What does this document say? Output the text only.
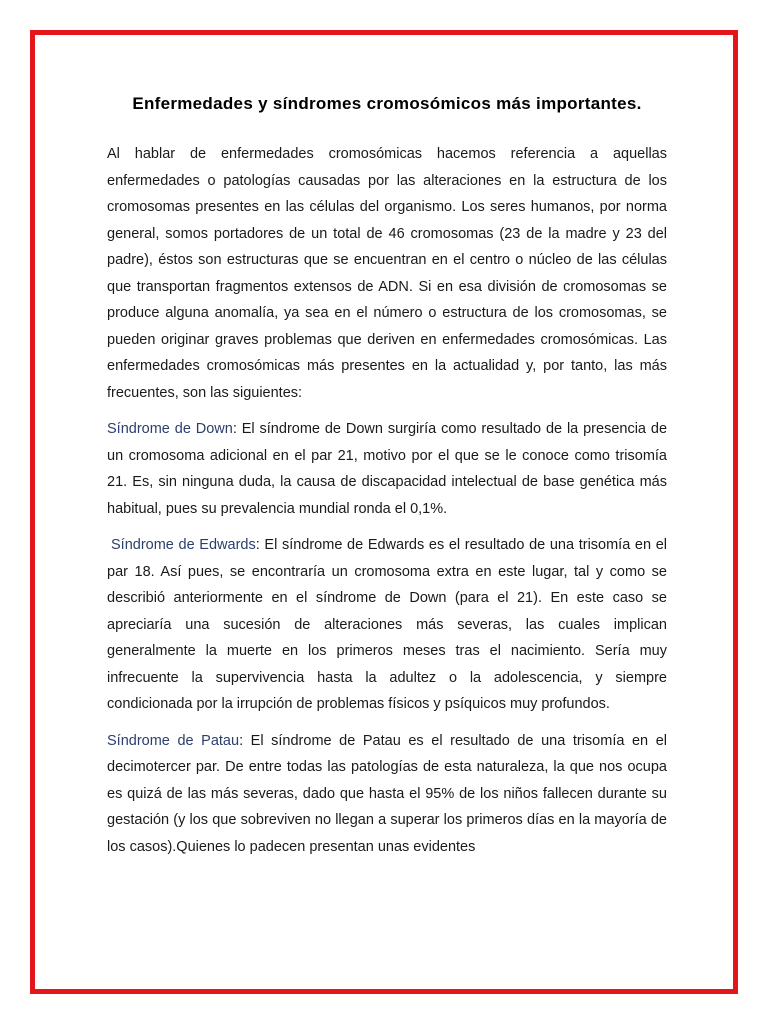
Enfermedades y síndromes cromosómicos más importantes.

Al hablar de enfermedades cromosómicas hacemos referencia a aquellas enfermedades o patologías causadas por las alteraciones en la estructura de los cromosomas presentes en las células del organismo. Los seres humanos, por norma general, somos portadores de un total de 46 cromosomas (23 de la madre y 23 del padre), éstos son estructuras que se encuentran en el centro o núcleo de las células que transportan fragmentos extensos de ADN. Si en esa división de cromosomas se produce alguna anomalía, ya sea en el número o estructura de los cromosomas, se pueden originar graves problemas que deriven en enfermedades cromosómicas. Las enfermedades cromosómicas más presentes en la actualidad y, por tanto, las más frecuentes, son las siguientes:

Síndrome de Down: El síndrome de Down surgiría como resultado de la presencia de un cromosoma adicional en el par 21, motivo por el que se le conoce como trisomía 21. Es, sin ninguna duda, la causa de discapacidad intelectual de base genética más habitual, pues su prevalencia mundial ronda el 0,1%.

Síndrome de Edwards: El síndrome de Edwards es el resultado de una trisomía en el par 18. Así pues, se encontraría un cromosoma extra en este lugar, tal y como se describió anteriormente en el síndrome de Down (para el 21). En este caso se apreciaría una sucesión de alteraciones más severas, las cuales implican generalmente la muerte en los primeros meses tras el nacimiento. Sería muy infrecuente la supervivencia hasta la adultez o la adolescencia, y siempre condicionada por la irrupción de problemas físicos y psíquicos muy profundos.

Síndrome de Patau: El síndrome de Patau es el resultado de una trisomía en el decimotercer par. De entre todas las patologías de esta naturaleza, la que nos ocupa es quizá de las más severas, dado que hasta el 95% de los niños fallecen durante su gestación (y los que sobreviven no llegan a superar los primeros días en la mayoría de los casos).Quienes lo padecen presentan unas evidentes
